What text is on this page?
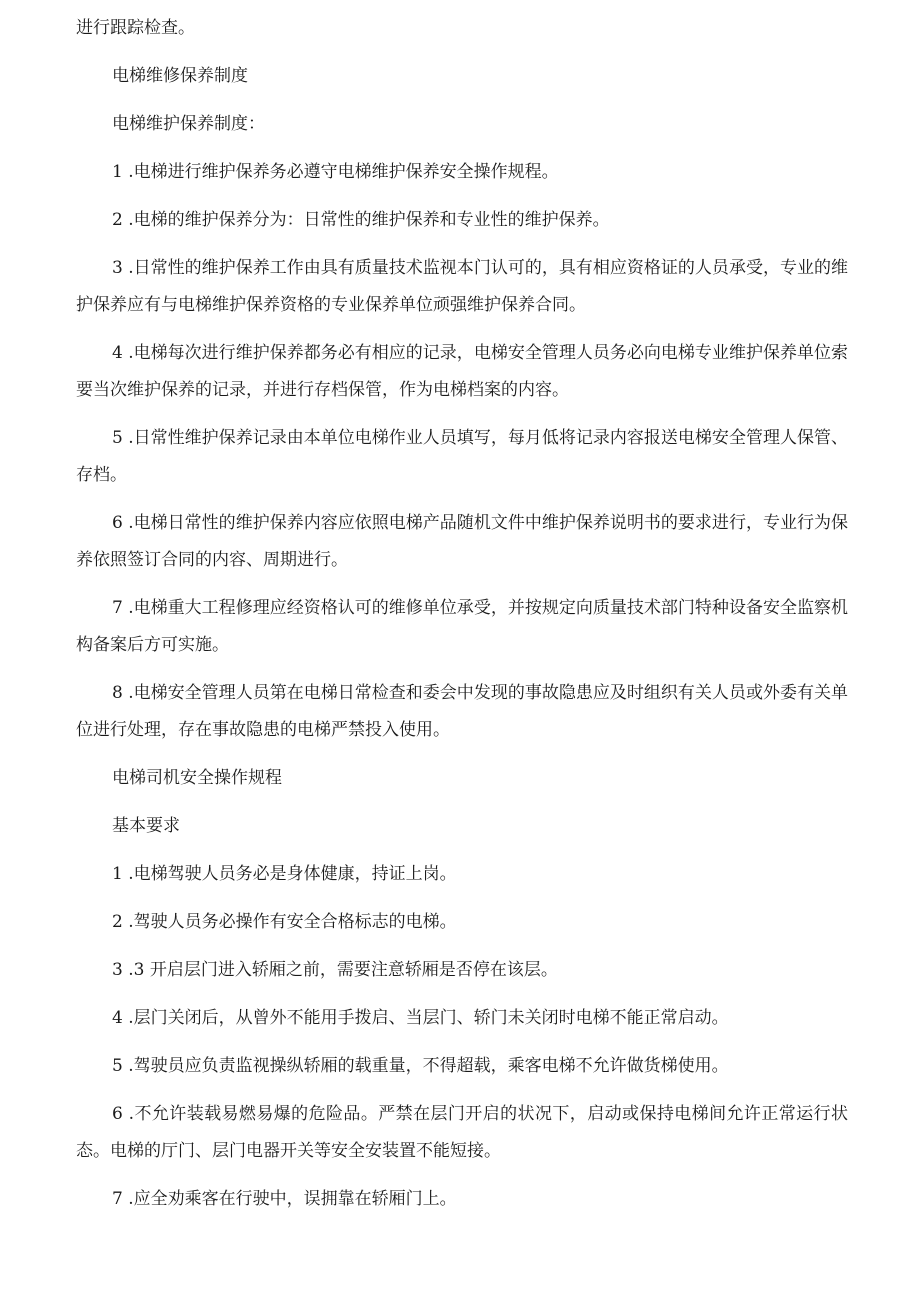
进行跟踪检查。

电梯维修保养制度

电梯维护保养制度：

1 .电梯进行维护保养务必遵守电梯维护保养安全操作规程。

2 .电梯的维护保养分为：日常性的维护保养和专业性的维护保养。

3 .日常性的维护保养工作由具有质量技术监视本门认可的，具有相应资格证的人员承受，专业的维护保养应有与电梯维护保养资格的专业保养单位顽强维护保养合同。

4 .电梯每次进行维护保养都务必有相应的记录，电梯安全管理人员务必向电梯专业维护保养单位索要当次维护保养的记录，并进行存档保管，作为电梯档案的内容。

5 .日常性维护保养记录由本单位电梯作业人员填写，每月低将记录内容报送电梯安全管理人保管、存档。

6 .电梯日常性的维护保养内容应依照电梯产品随机文件中维护保养说明书的要求进行，专业行为保养依照签订合同的内容、周期进行。

7 .电梯重大工程修理应经资格认可的维修单位承受，并按规定向质量技术部门特种设备安全监察机构备案后方可实施。

8 .电梯安全管理人员第在电梯日常检查和委会中发现的事故隐患应及时组织有关人员或外委有关单位进行处理，存在事故隐患的电梯严禁投入使用。

电梯司机安全操作规程

基本要求

1 .电梯驾驶人员务必是身体健康，持证上岗。

2 .驾驶人员务必操作有安全合格标志的电梯。

3 .3 开启层门进入轿厢之前，需要注意轿厢是否停在该层。

4 .层门关闭后，从曾外不能用手拨启、当层门、轿门未关闭时电梯不能正常启动。

5 .驾驶员应负责监视操纵轿厢的载重量，不得超载，乘客电梯不允许做货梯使用。

6 .不允许装载易燃易爆的危险品。严禁在层门开启的状况下，启动或保持电梯间允许正常运行状态。电梯的厅门、层门电器开关等安全安装置不能短接。

7 .应全劝乘客在行驶中，误拥靠在轿厢门上。
